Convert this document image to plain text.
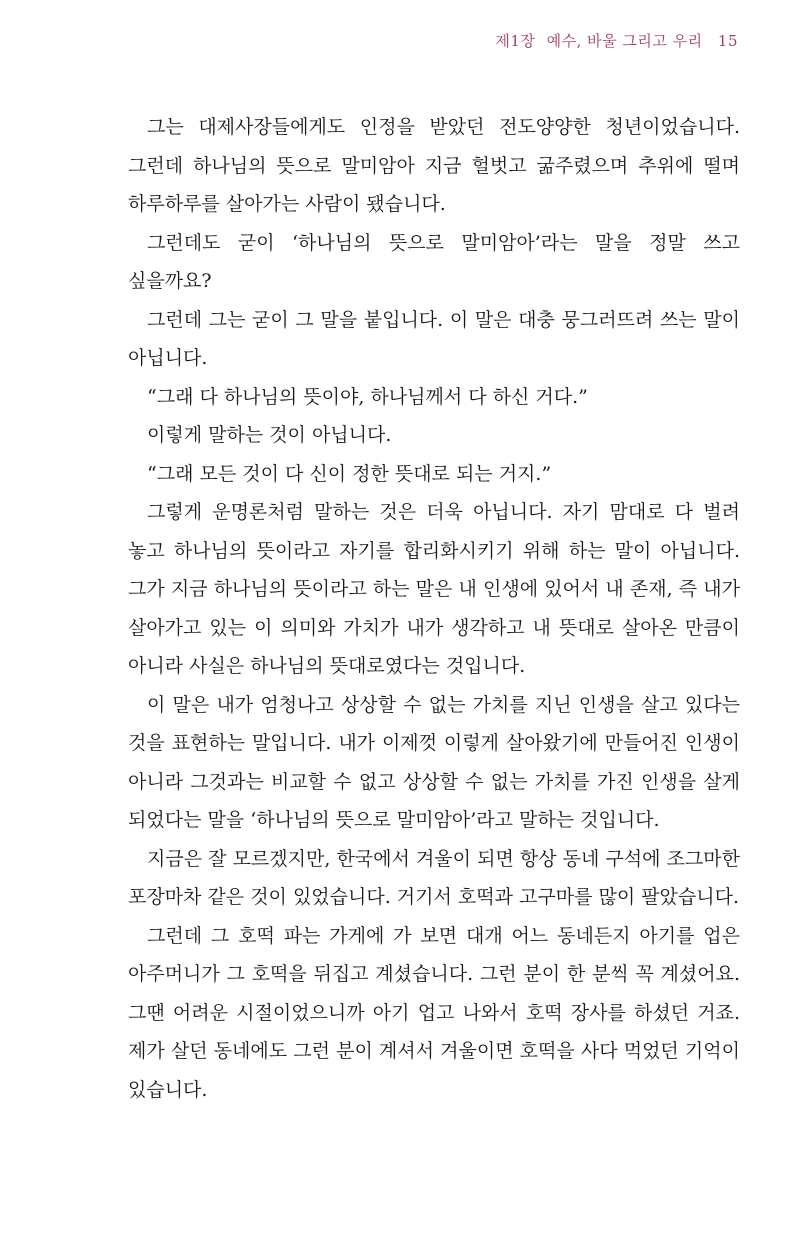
제1장 예수, 바울 그리고 우리 15

그는 대제사장들에게도 인정을 받았던 전도양양한 청년이었습니다. 그런데 하나님의 뜻으로 말미암아 지금 헐벗고 굶주렸으며 추위에 떨며 하루하루를 살아가는 사람이 됐습니다.

그런데도 굳이 ‘하나님의 뜻으로 말미암아’라는 말을 정말 쓰고 싶을까요?

그런데 그는 굳이 그 말을 붙입니다. 이 말은 대충 뭉그러뜨려 쓰는 말이 아닙니다.

“그래 다 하나님의 뜻이야, 하나님께서 다 하신 거다.”

이렇게 말하는 것이 아닙니다.

“그래 모든 것이 다 신이 정한 뜻대로 되는 거지.”

그렇게 운명론처럼 말하는 것은 더욱 아닙니다. 자기 맘대로 다 벌려 놓고 하나님의 뜻이라고 자기를 합리화시키기 위해 하는 말이 아닙니다. 그가 지금 하나님의 뜻이라고 하는 말은 내 인생에 있어서 내 존재, 즉 내가 살아가고 있는 이 의미와 가치가 내가 생각하고 내 뜻대로 살아온 만큼이 아니라 사실은 하나님의 뜻대로였다는 것입니다.

이 말은 내가 엄청나고 상상할 수 없는 가치를 지닌 인생을 살고 있다는 것을 표현하는 말입니다. 내가 이제껏 이렇게 살아왔기에 만들어진 인생이 아니라 그것과는 비교할 수 없고 상상할 수 없는 가치를 가진 인생을 살게 되었다는 말을 ‘하나님의 뜻으로 말미암아’라고 말하는 것입니다.

지금은 잘 모르겠지만, 한국에서 겨울이 되면 항상 동네 구석에 조그마한 포장마차 같은 것이 있었습니다. 거기서 호떡과 고구마를 많이 팔았습니다.

그런데 그 호떡 파는 가게에 가 보면 대개 어느 동네든지 아기를 업은 아주머니가 그 호떡을 뒤집고 계셨습니다. 그런 분이 한 분씩 꼭 계셨어요. 그땐 어려운 시절이었으니까 아기 업고 나와서 호떡 장사를 하셨던 거죠. 제가 살던 동네에도 그런 분이 계셔서 겨울이면 호떡을 사다 먹었던 기억이 있습니다.
